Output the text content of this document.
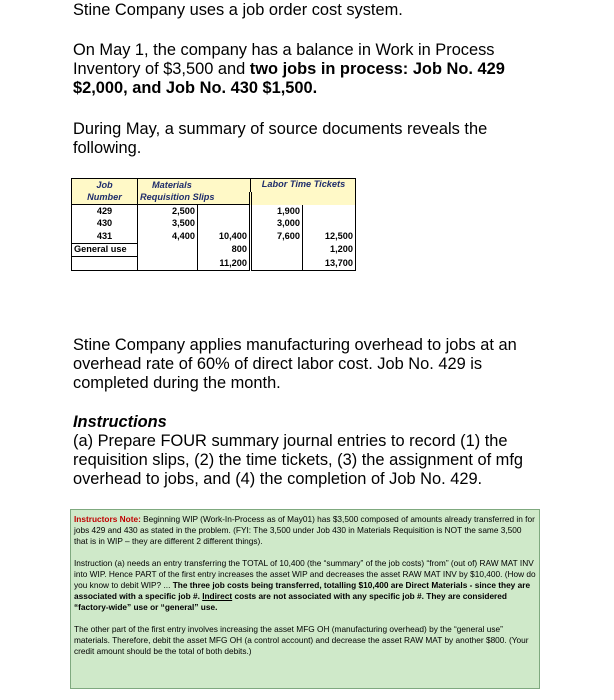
Stine Company uses a job order cost system.

On May 1, the company has a balance in Work in Process Inventory of $3,500 and two jobs in process: Job No. 429 $2,000, and Job No. 430 $1,500.

During May, a summary of source documents reveals the following.

Job	Materials		Labor Time Tickets	
Number	Requisition Slips			
429	2,500		1,900	
430	3,500		3,000	
431	4,400	10,400	7,600	12,500
General use		800		1,200
		11,200		13,700

Stine Company applies manufacturing overhead to jobs at an overhead rate of 60% of direct labor cost. Job No. 429 is completed during the month.

Instructions

(a) Prepare FOUR summary journal entries to record (1) the requisition slips, (2) the time tickets, (3) the assignment of mfg overhead to jobs, and (4) the completion of Job No. 429.

Instructors Note: Beginning WIP (Work-In-Process as of May01) has $3,500 composed of amounts already transferred in for jobs 429 and 430 as stated in the problem. (FYI: The 3,500 under Job 430 in Materials Requisition is NOT the same 3,500 that is in WIP – they are different 2 different things).

Instruction (a) needs an entry transferring the TOTAL of 10,400 (the “summary” of the job costs) “from” (out of) RAW MAT INV into WIP. Hence PART of the first entry increases the asset WIP and decreases the asset RAW MAT INV by $10,400. (How do you know to debit WIP? ... The three job costs being transferred, totalling $10,400 are Direct Materials - since they are associated with a specific job #. Indirect costs are not associated with any specific job #. They are considered “factory-wide” use or “general” use.

The other part of the first entry involves increasing the asset MFG OH (manufacturing overhead) by the “general use” materials. Therefore, debit the asset MFG OH (a control account) and decrease the asset RAW MAT by another $800. (Your credit amount should be the total of both debits.)
